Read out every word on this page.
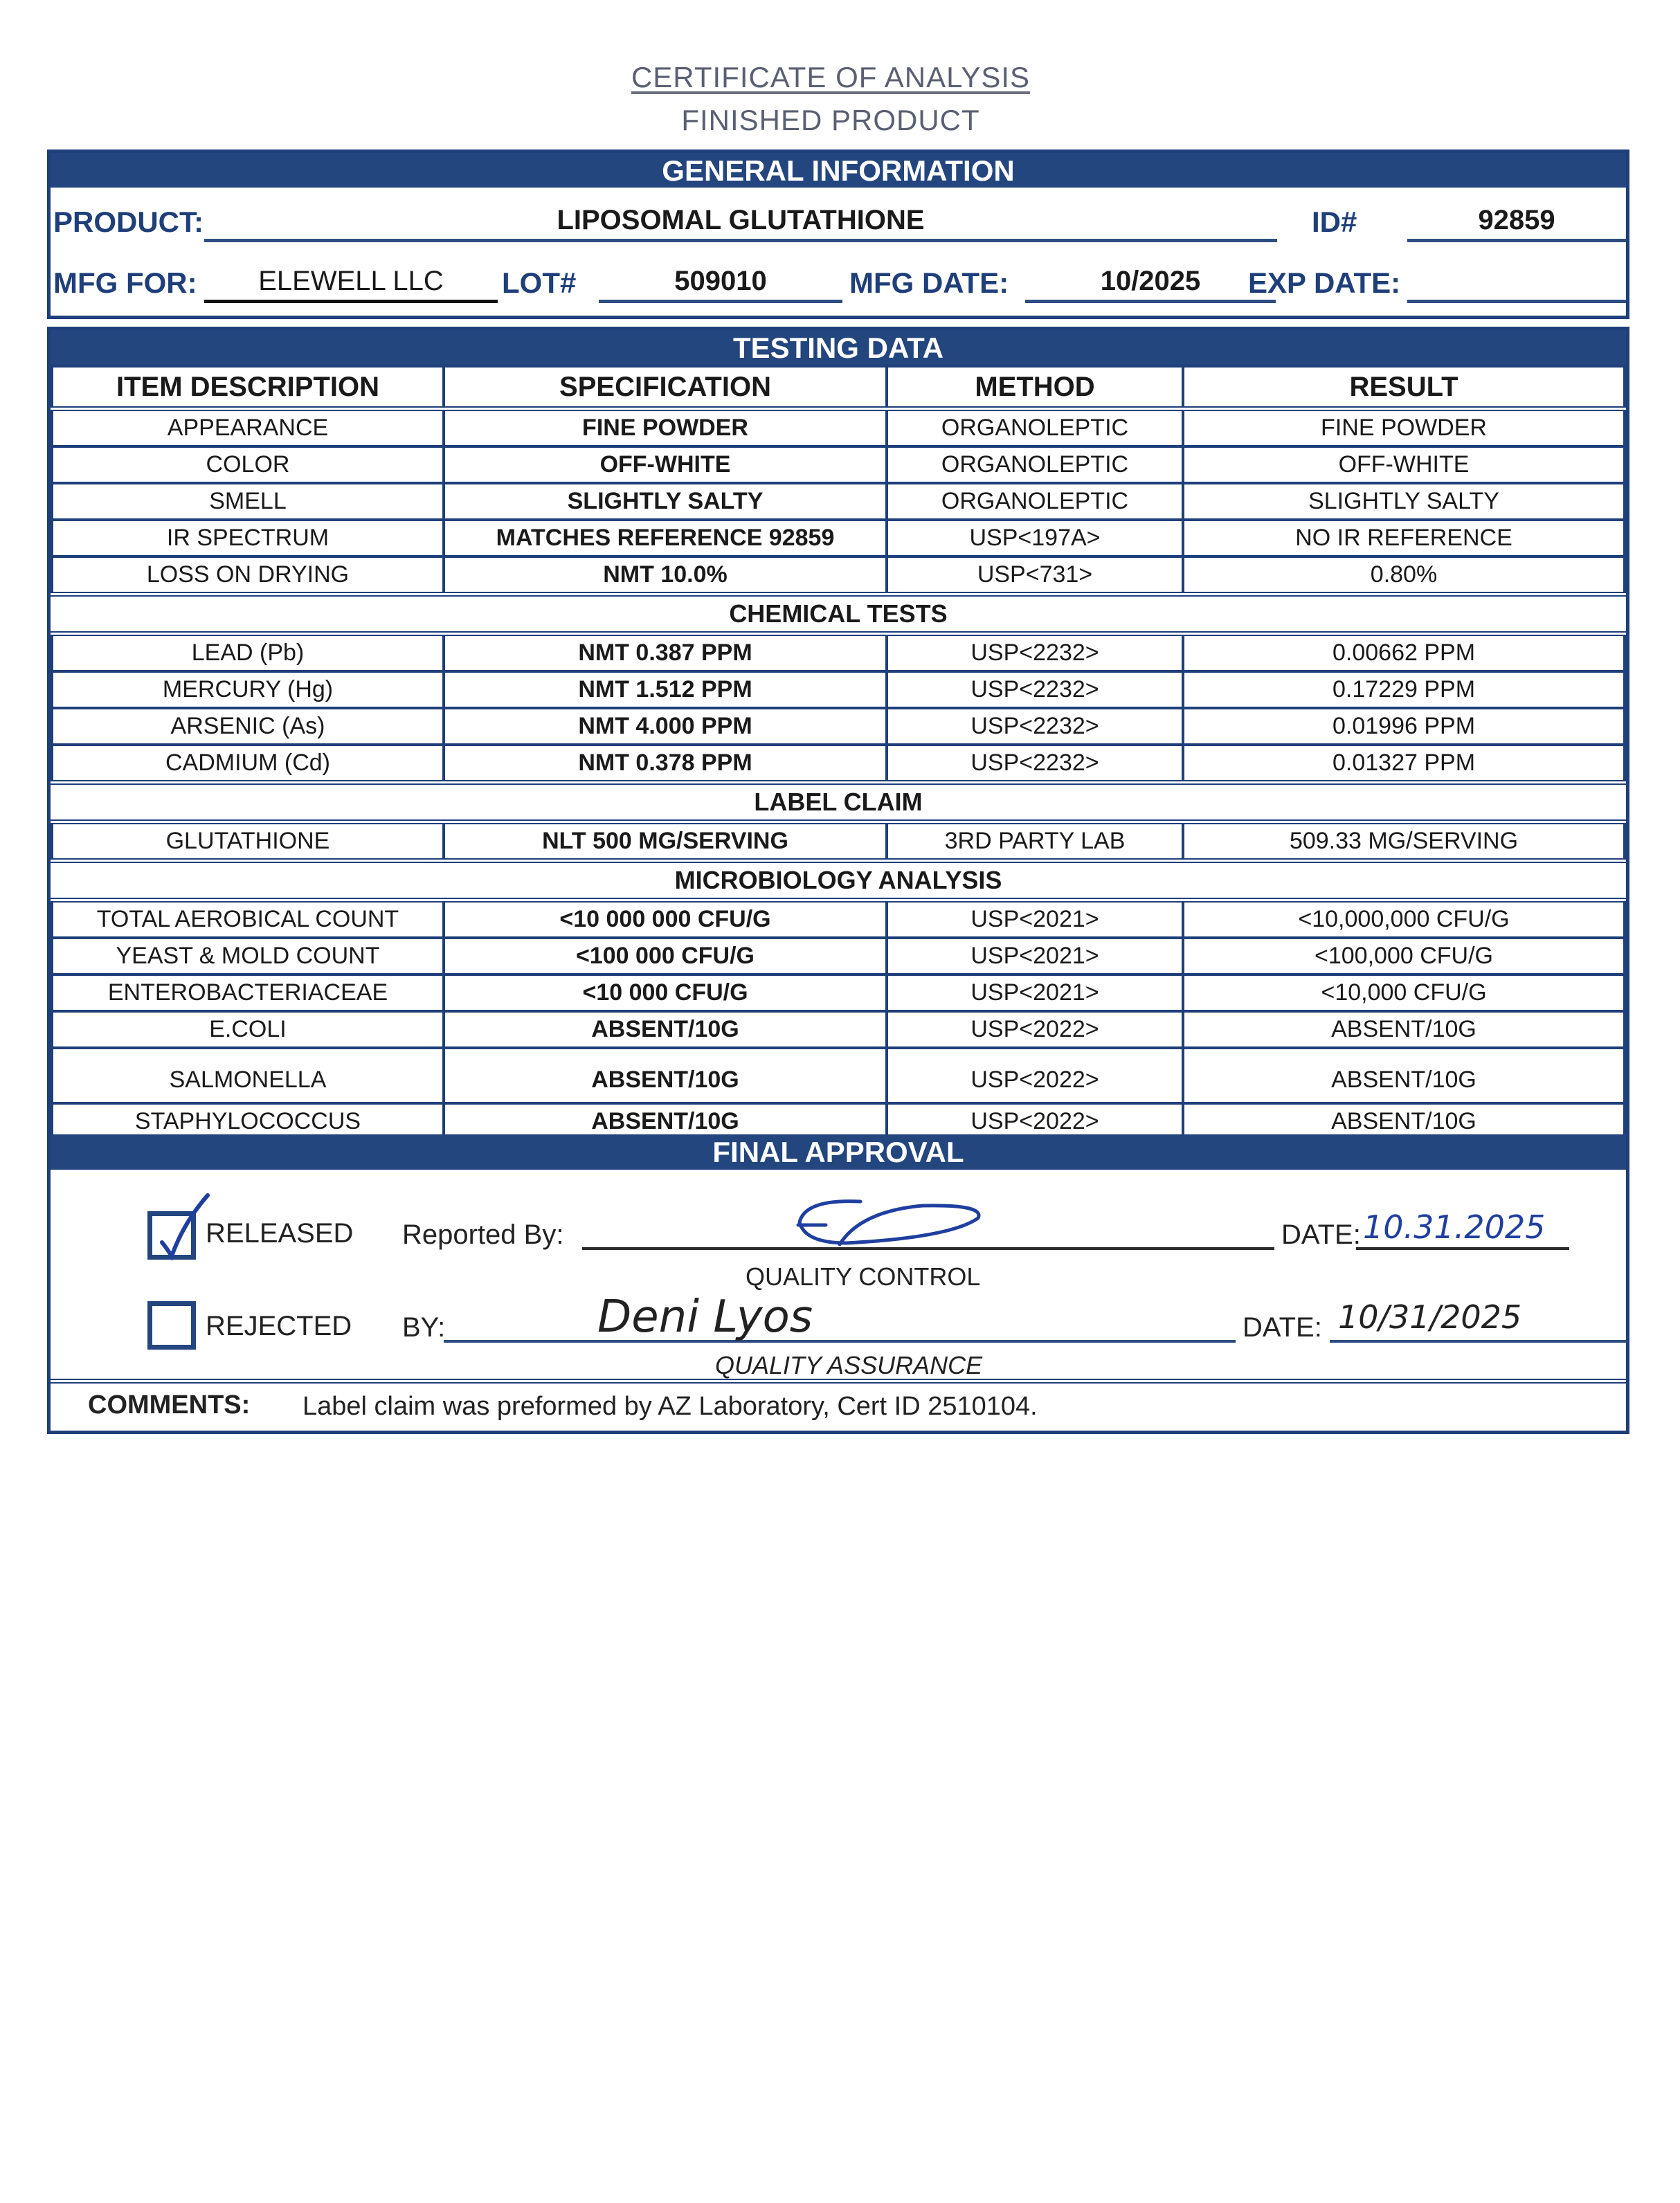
CERTIFICATE OF ANALYSIS
FINISHED PRODUCT
GENERAL INFORMATION
PRODUCT:	LIPOSOMAL GLUTATHIONE	ID#	92859
MFG FOR:	ELEWELL LLC	LOT#	509010	MFG DATE:	10/2025	EXP DATE:
TESTING DATA
ITEM DESCRIPTION	SPECIFICATION	METHOD	RESULT
APPEARANCE	FINE POWDER	ORGANOLEPTIC	FINE POWDER
COLOR	OFF-WHITE	ORGANOLEPTIC	OFF-WHITE
SMELL	SLIGHTLY SALTY	ORGANOLEPTIC	SLIGHTLY SALTY
IR SPECTRUM	MATCHES REFERENCE 92859	USP<197A>	NO IR REFERENCE
LOSS ON DRYING	NMT 10.0%	USP<731>	0.80%
CHEMICAL TESTS			
LEAD (Pb)	NMT 0.387 PPM	USP<2232>	0.00662 PPM
MERCURY (Hg)	NMT 1.512 PPM	USP<2232>	0.17229 PPM
ARSENIC (As)	NMT 4.000 PPM	USP<2232>	0.01996 PPM
CADMIUM (Cd)	NMT 0.378 PPM	USP<2232>	0.01327 PPM
LABEL CLAIM			
GLUTATHIONE	NLT 500 MG/SERVING	3RD PARTY LAB	509.33 MG/SERVING
MICROBIOLOGY ANALYSIS			
TOTAL AEROBICAL COUNT	<10 000 000 CFU/G	USP<2021>	<10,000,000 CFU/G
YEAST & MOLD COUNT	<100 000 CFU/G	USP<2021>	<100,000 CFU/G
ENTEROBACTERIACEAE	<10 000 CFU/G	USP<2021>	<10,000 CFU/G
E.COLI	ABSENT/10G	USP<2022>	ABSENT/10G
SALMONELLA	ABSENT/10G	USP<2022>	ABSENT/10G
STAPHYLOCOCCUS	ABSENT/10G	USP<2022>	ABSENT/10G
FINAL APPROVAL
RELEASED Reported By:
QUALITY CONTROL
DATE: 10.31.2025
REJECTED BY:	Deni Lyos
QUALITY ASSURANCE
DATE: 10/31/2025
COMMENTS: Label claim was preformed by AZ Laboratory, Cert ID 2510104.
